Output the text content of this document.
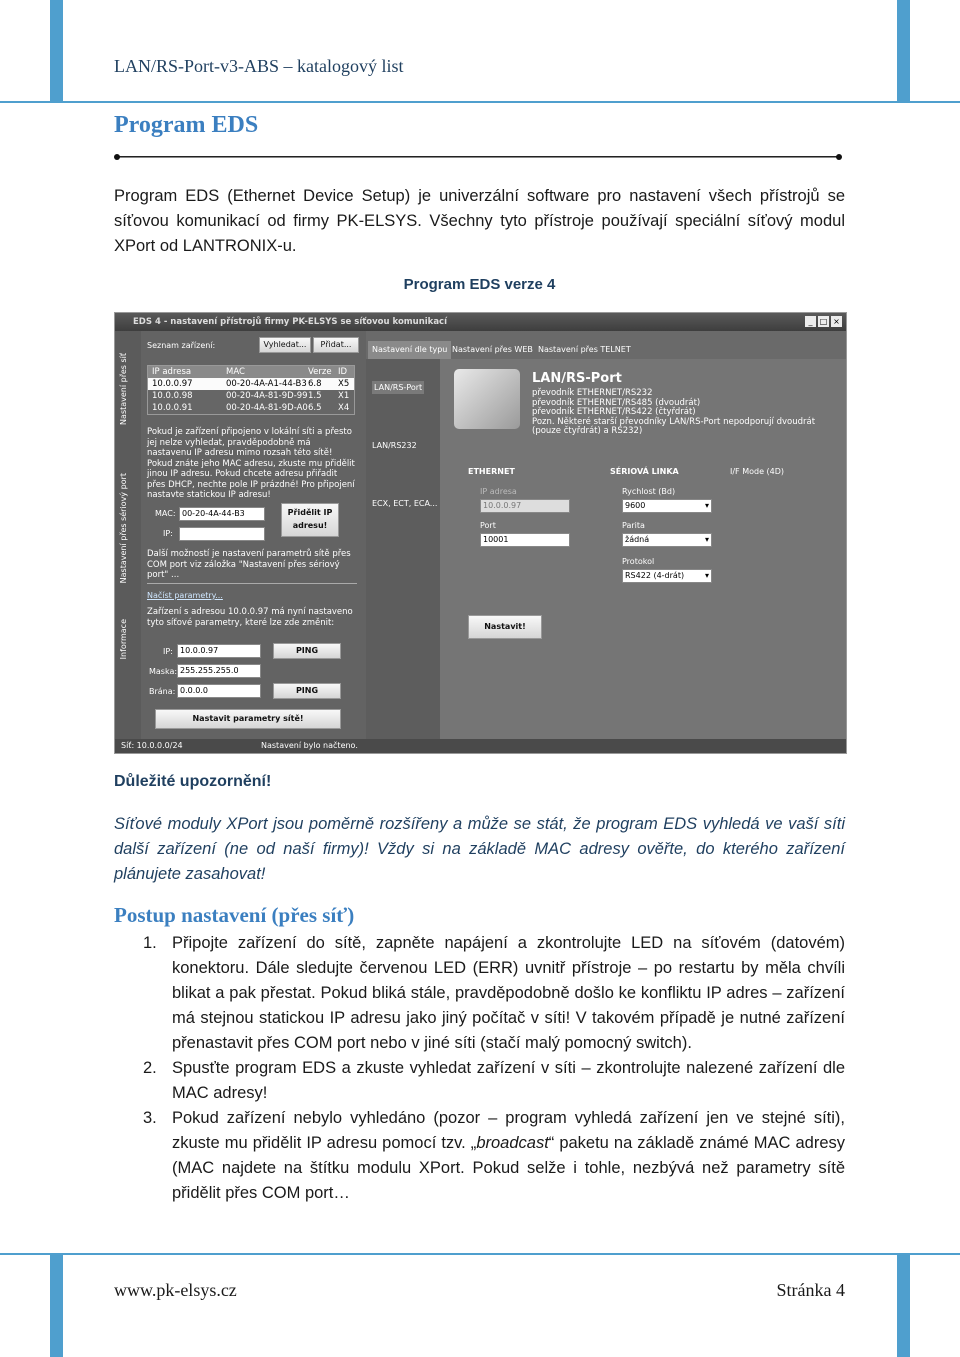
LAN/RS-Port-v3-ABS – katalogový list
Program EDS
Program EDS (Ethernet Device Setup) je univerzální software pro nastavení všech přístrojů se síťovou komunikací od firmy PK-ELSYS. Všechny tyto přístroje používají speciální síťový modul XPort od LANTRONIX-u.
Program EDS verze 4
EDS 4 - nastavení přístrojů firmy PK-ELSYS se síťovou komunikací	_ □ ×
Nastavení přes síť
Nastavení přes sériový port
Informace
Seznam zařízení:	Vyhledat...	Přidat...
IP adresa	MAC	Verze ID
10.0.0.97	00-20-4A-A1-44-B3 6.8 X5
10.0.0.98	00-20-4A-81-9D-99 1.5 X1
10.0.0.91	00-20-4A-81-9D-A0 6.5 X4
Pokud je zařízení připojeno v lokální síti a přesto jej nelze vyhledat, pravděpodobně má nastavenu IP adresu mimo rozsah této sítě! Pokud znáte jeho MAC adresu, zkuste mu přidělit jinou IP adresu. Pokud chcete adresu přiřadit přes DHCP, nechte pole IP prázdné! Pro připojení nastavte statickou IP adresu!
MAC: 00-20-4A-44-B3
IP:
Přidělit IP adresu!
Další možností je nastavení parametrů sítě přes COM port viz záložka "Nastavení přes sériový port" ...
Načíst parametry...
Zařízení s adresou 10.0.0.97 má nyní nastaveno tyto síťové parametry, které lze zde změnit:
IP: 10.0.0.97	PING
Maska: 255.255.255.0
Brána: 0.0.0.0	PING
Nastavit parametry sítě!
Nastavení dle typu Nastavení přes WEB Nastavení přes TELNET
LAN/RS-Port
LAN/RS232
ECX, ECT, ECA...
LAN/RS-Port
převodník ETHERNET/RS232
převodník ETHERNET/RS485 (dvoudrát)
převodník ETHERNET/RS422 (čtyřdrát)
Pozn. Některé starší převodníky LAN/RS-Port nepodporují dvoudrát (pouze čtyřdrát) a RS232)
ETHERNET	SÉRIOVÁ LINKA	I/F Mode (4D)
IP adresa
10.0.0.97
Port
10001
Rychlost (Bd)
9600 ▾
Parita
žádná ▾
Protokol
RS422 (4-drát) ▾
Nastavit!
Síť: 10.0.0.0/24	Nastavení bylo načteno.
Důležité upozornění!
Síťové moduly XPort jsou poměrně rozšířeny a může se stát, že program EDS vyhledá ve vaší síti další zařízení (ne od naší firmy)! Vždy si na základě MAC adresy ověřte, do kterého zařízení plánujete zasahovat!
Postup nastavení (přes síť)
1. Připojte zařízení do sítě, zapněte napájení a zkontrolujte LED na síťovém (datovém) konektoru. Dále sledujte červenou LED (ERR) uvnitř přístroje – po restartu by měla chvíli blikat a pak přestat. Pokud bliká stále, pravděpodobně došlo ke konfliktu IP adres – zařízení má stejnou statickou IP adresu jako jiný počítač v síti! V takovém případě je nutné zařízení přenastavit přes COM port nebo v jiné síti (stačí malý pomocný switch).
2. Spusťte program EDS a zkuste vyhledat zařízení v síti – zkontrolujte nalezené zařízení dle MAC adresy!
3. Pokud zařízení nebylo vyhledáno (pozor – program vyhledá zařízení jen ve stejné síti), zkuste mu přidělit IP adresu pomocí tzv. „broadcast“ paketu na základě známé MAC adresy (MAC najdete na štítku modulu XPort. Pokud selže i tohle, nezbývá než parametry sítě přidělit přes COM port…
www.pk-elsys.cz	Stránka 4
